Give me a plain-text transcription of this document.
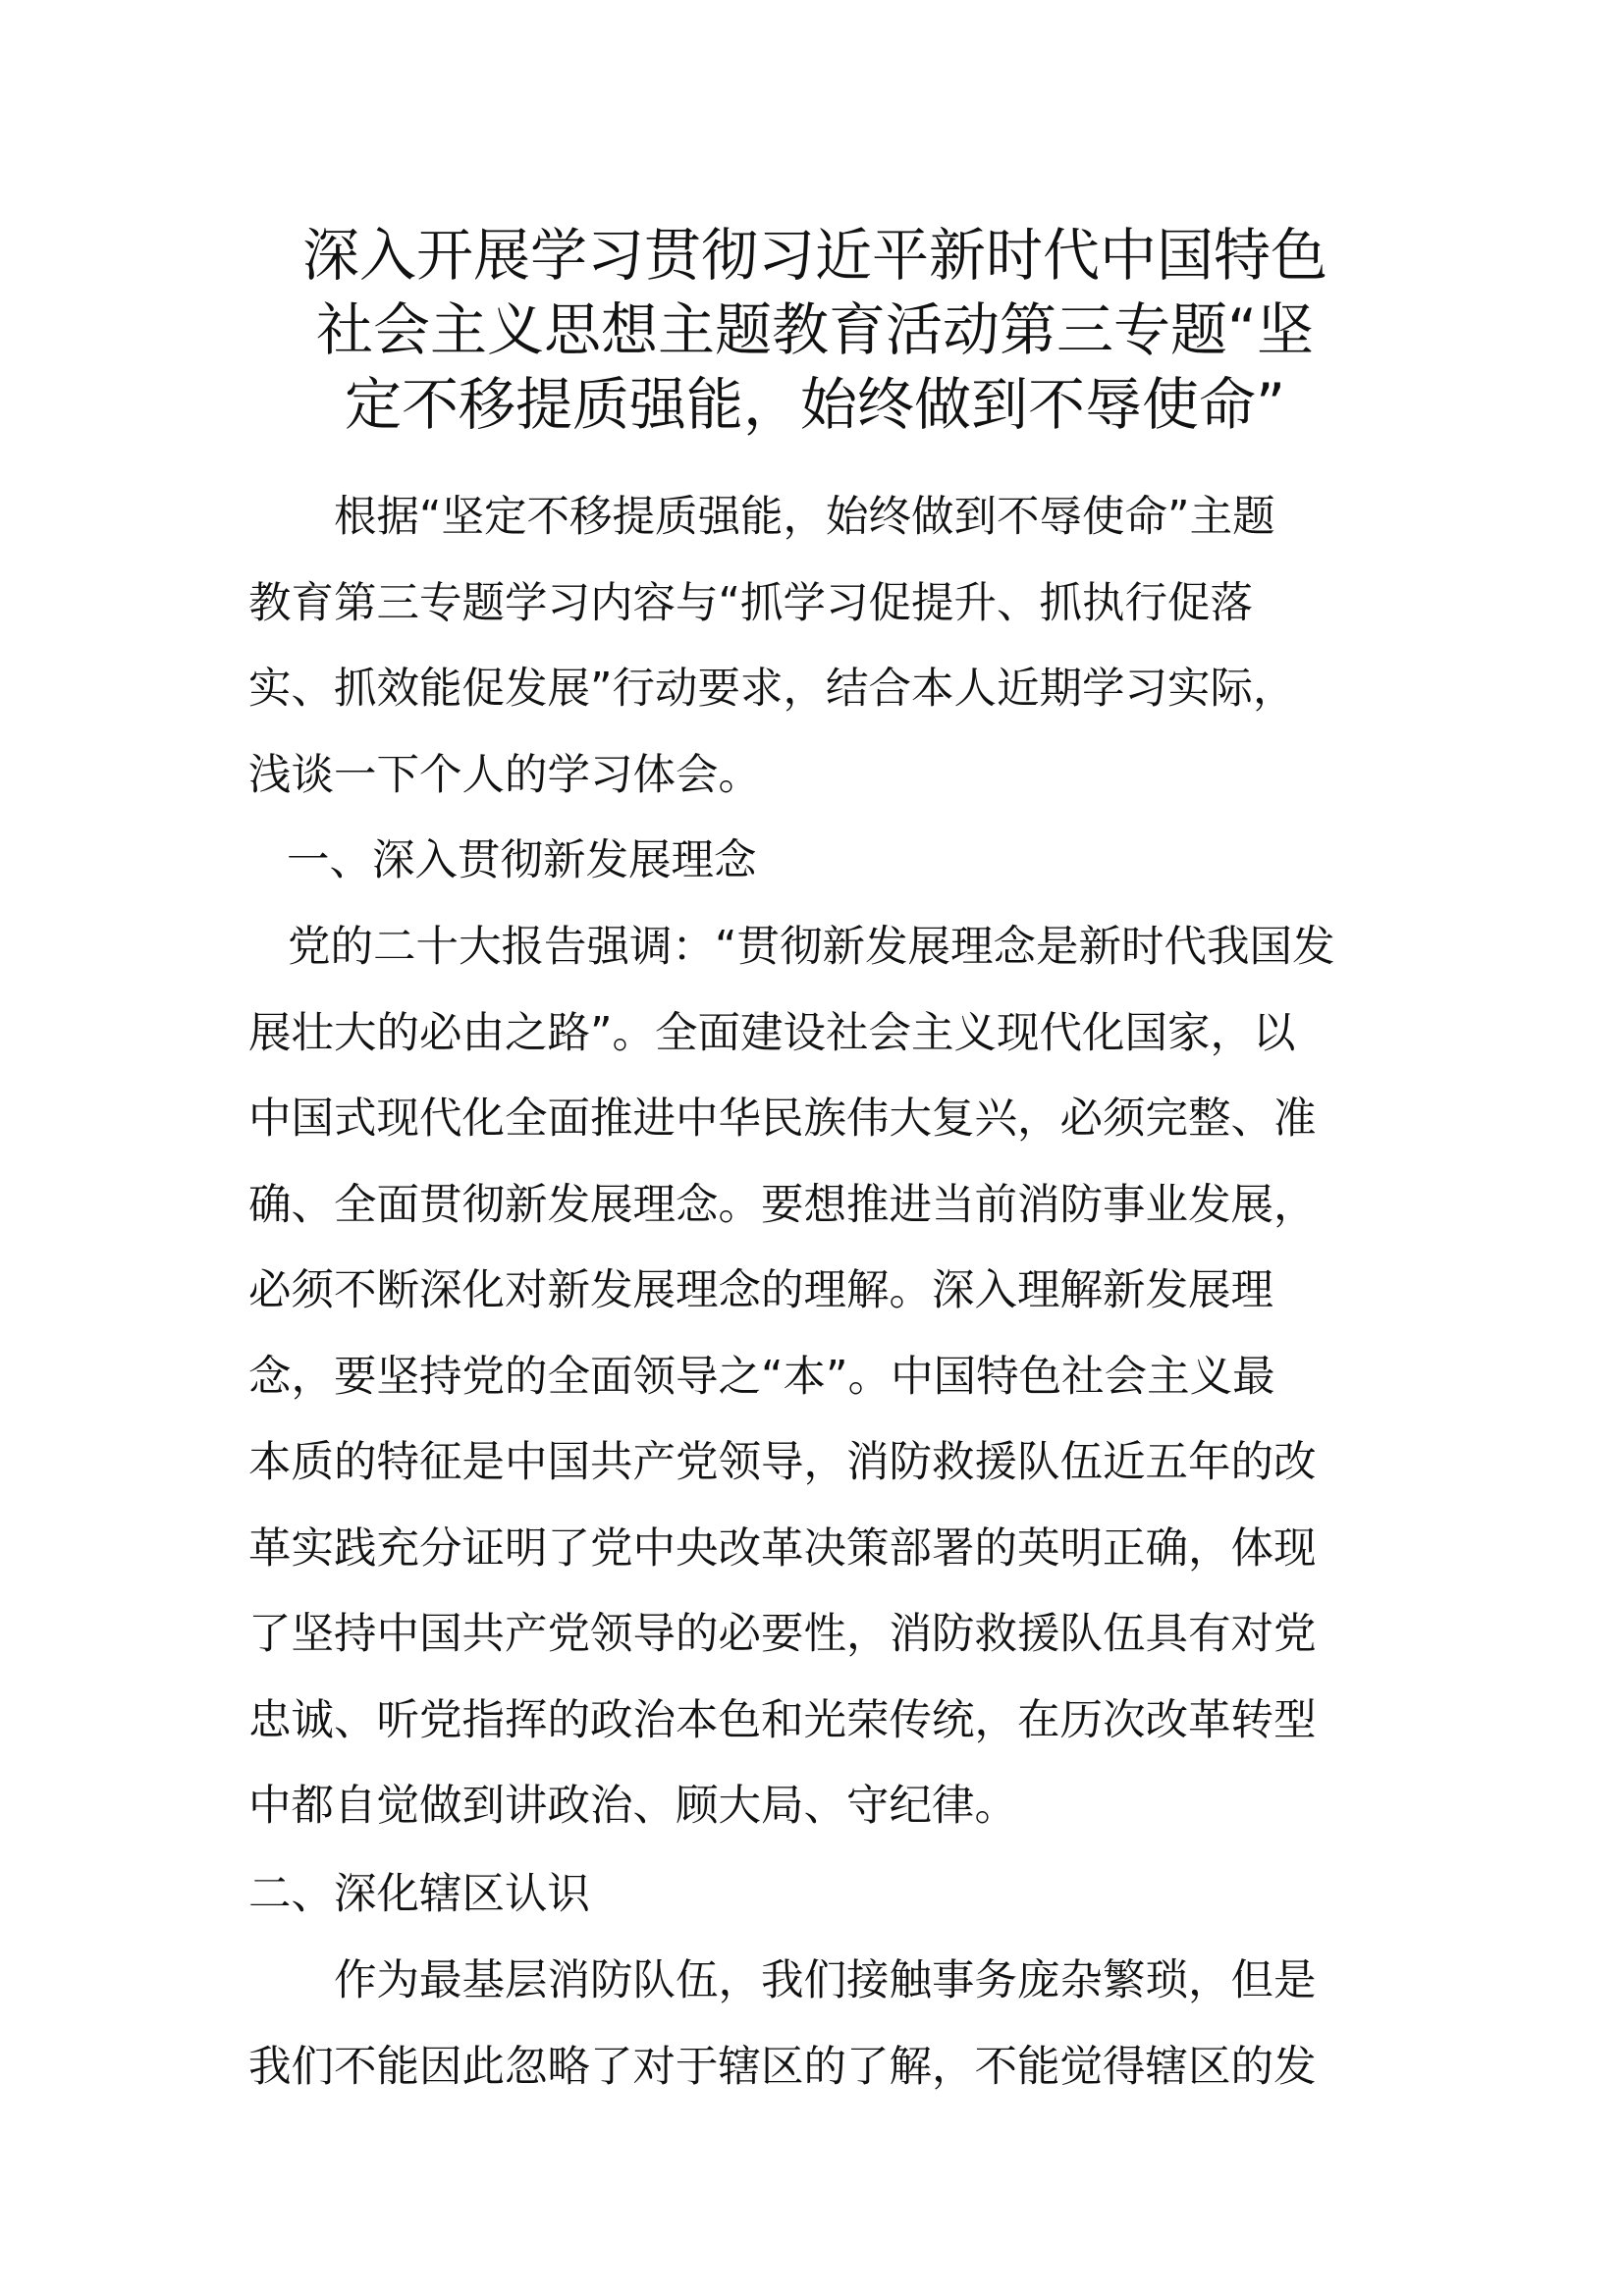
深入开展学习贯彻习近平新时代中国特色
社会主义思想主题教育活动第三专题“坚
定不移提质强能，始终做到不辱使命”
根据“坚定不移提质强能，始终做到不辱使命”主题
教育第三专题学习内容与“抓学习促提升、抓执行促落
实、抓效能促发展”行动要求，结合本人近期学习实际，
浅谈一下个人的学习体会。
一、深入贯彻新发展理念
党的二十大报告强调：“贯彻新发展理念是新时代我国发
展壮大的必由之路”。全面建设社会主义现代化国家，以
中国式现代化全面推进中华民族伟大复兴，必须完整、准
确、全面贯彻新发展理念。要想推进当前消防事业发展，
必须不断深化对新发展理念的理解。深入理解新发展理
念，要坚持党的全面领导之“本”。中国特色社会主义最
本质的特征是中国共产党领导，消防救援队伍近五年的改
革实践充分证明了党中央改革决策部署的英明正确，体现
了坚持中国共产党领导的必要性，消防救援队伍具有对党
忠诚、听党指挥的政治本色和光荣传统，在历次改革转型
中都自觉做到讲政治、顾大局、守纪律。
二、深化辖区认识
作为最基层消防队伍，我们接触事务庞杂繁琐，但是
我们不能因此忽略了对于辖区的了解，不能觉得辖区的发
